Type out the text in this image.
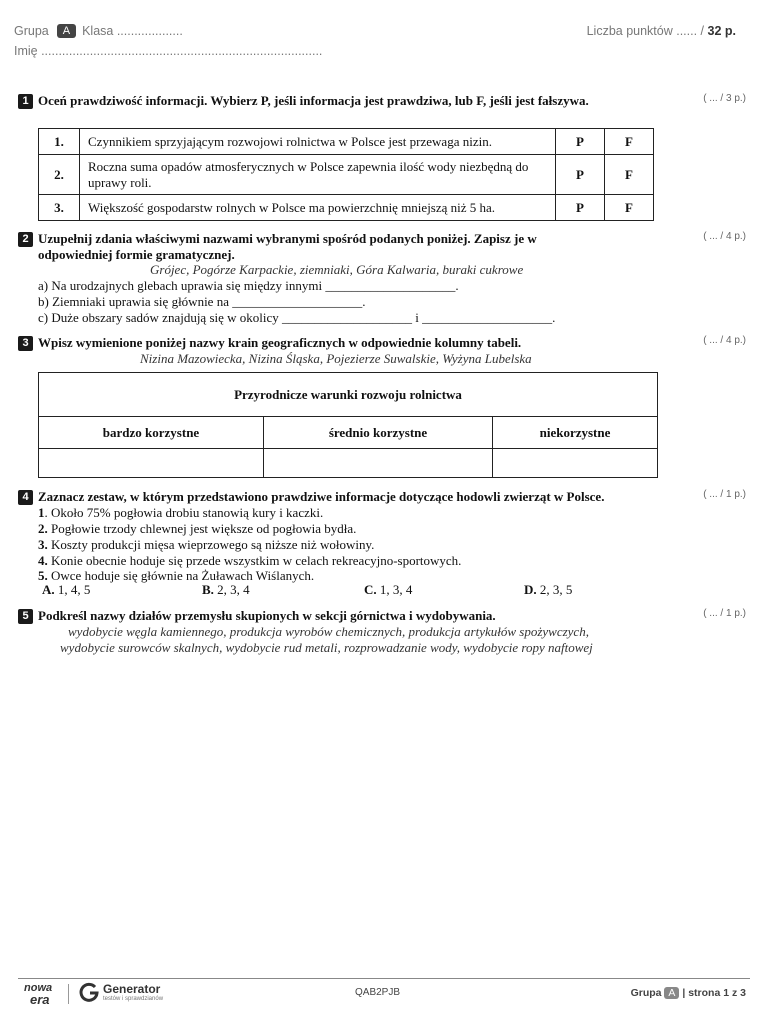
Grupa A Klasa ...................
Imię .................................................................................
Liczba punktów ...... / 32 p.
1 Oceń prawdziwość informacji. Wybierz P, jeśli informacja jest prawdziwa, lub F, jeśli jest fałszywa.	( ... / 3 p.)
1.	Czynnikiem sprzyjającym rozwojowi rolnictwa w Polsce jest przewaga nizin.	P	F
2.	Roczna suma opadów atmosferycznych w Polsce zapewnia ilość wody niezbędną do uprawy roli.	P	F
3.	Większość gospodarstw rolnych w Polsce ma powierzchnię mniejszą niż 5 ha.	P	F
2 Uzupełnij zdania właściwymi nazwami wybranymi spośród podanych poniżej. Zapisz je w
odpowiedniej formie gramatycznej.
( ... / 4 p.)
Grójec, Pogórze Karpackie, ziemniaki, Góra Kalwaria, buraki cukrowe
a) Na urodzajnych glebach uprawia się między innymi ____________________.
b) Ziemniaki uprawia się głównie na ____________________.
c) Duże obszary sadów znajdują się w okolicy ____________________ i ____________________.
3 Wpisz wymienione poniżej nazwy krain geograficznych w odpowiednie kolumny tabeli.	( ... / 4 p.)
Nizina Mazowiecka, Nizina Śląska, Pojezierze Suwalskie, Wyżyna Lubelska
Przyrodnicze warunki rozwoju rolnictwa		
bardzo korzystne	średnio korzystne	niekorzystne

4 Zaznacz zestaw, w którym przedstawiono prawdziwe informacje dotyczące hodowli zwierząt w Polsce.	( ... / 1 p.)
1. Około 75% pogłowia drobiu stanowią kury i kaczki.
2. Pogłowie trzody chlewnej jest większe od pogłowia bydła.
3. Koszty produkcji mięsa wieprzowego są niższe niż wołowiny.
4. Konie obecnie hoduje się przede wszystkim w celach rekreacyjno-sportowych.
5. Owce hoduje się głównie na Żuławach Wiślanych.
A. 1, 4, 5	B. 2, 3, 4	C. 1, 3, 4	D. 2, 3, 5
5 Podkreśl nazwy działów przemysłu skupionych w sekcji górnictwa i wydobywania.	( ... / 1 p.)
wydobycie węgla kamiennego, produkcja wyrobów chemicznych, produkcja artykułów spożywczych,
wydobycie surowców skalnych, wydobycie rud metali, rozprowadzanie wody, wydobycie ropy naftowej
nowa
era
Generator
testów i sprawdzianów
QAB2PJB	Grupa A | strona 1 z 3
